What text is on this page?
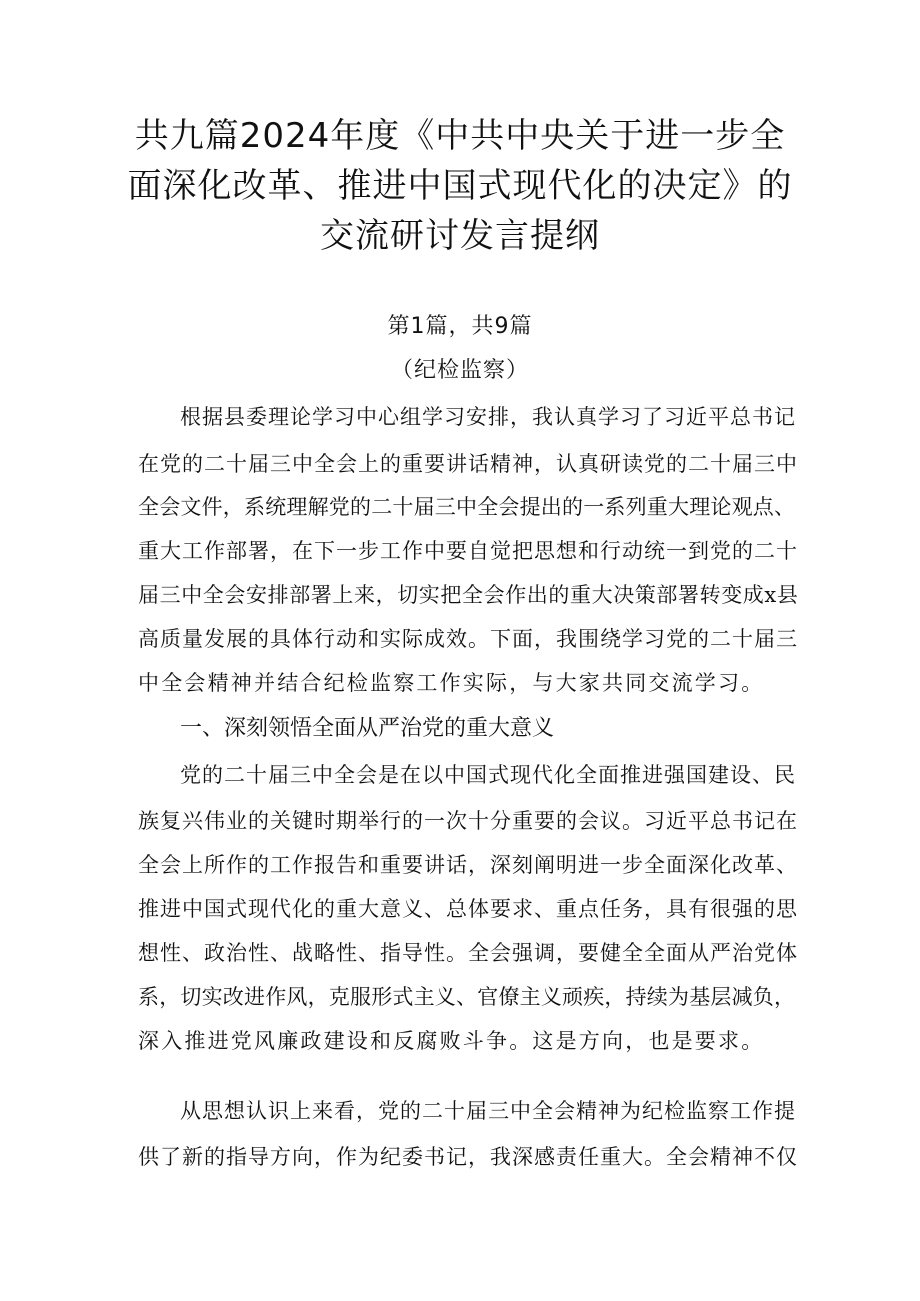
共九篇2024年度《中共中央关于进一步全
面深化改革、推进中国式现代化的决定》的
交流研讨发言提纲
第1篇，共9篇
（纪检监察）
根据县委理论学习中心组学习安排，我认真学习了习近平总书记
在党的二十届三中全会上的重要讲话精神，认真研读党的二十届三中
全会文件，系统理解党的二十届三中全会提出的一系列重大理论观点、
重大工作部署，在下一步工作中要自觉把思想和行动统一到党的二十
届三中全会安排部署上来，切实把全会作出的重大决策部署转变成x县
高质量发展的具体行动和实际成效。下面，我围绕学习党的二十届三
中全会精神并结合纪检监察工作实际，与大家共同交流学习。
一、深刻领悟全面从严治党的重大意义
党的二十届三中全会是在以中国式现代化全面推进强国建设、民
族复兴伟业的关键时期举行的一次十分重要的会议。习近平总书记在
全会上所作的工作报告和重要讲话，深刻阐明进一步全面深化改革、
推进中国式现代化的重大意义、总体要求、重点任务，具有很强的思
想性、政治性、战略性、指导性。全会强调，要健全全面从严治党体
系，切实改进作风，克服形式主义、官僚主义顽疾，持续为基层减负，
深入推进党风廉政建设和反腐败斗争。这是方向，也是要求。
从思想认识上来看，党的二十届三中全会精神为纪检监察工作提
供了新的指导方向，作为纪委书记，我深感责任重大。全会精神不仅
